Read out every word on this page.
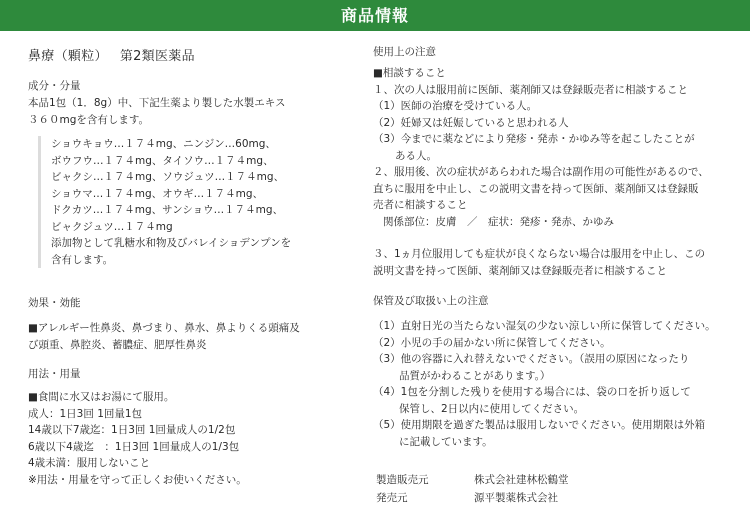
商品情報
鼻療（顆粒） 第2類医薬品
成分・分量
本品1包（1．8g）中、下記生薬より製した水製エキス
３６０mgを含有します。
ショウキョウ…１７４mg、ニンジン…60mg、
ボウフウ…１７４mg、タイソウ…１７４mg、
ビャクシ…１７４mg、ソウジュツ…１７４mg、
ショウマ…１７４mg、オウギ…１７４mg、
ドクカツ…１７４mg、サンショウ…１７４mg、
ビャクジュツ…１７４mg
添加物として乳糖水和物及びバレイショデンプンを
含有します。
効果・効能
■アレルギー性鼻炎、鼻づまり、鼻水、鼻よりくる頭痛及
び頭重、鼻腔炎、蓄膿症、肥厚性鼻炎
用法・用量
■食間に水又はお湯にて服用。
成人：1日3回 1回量1包
14歳以下7歳迄：1日3回 1回量成人の1/2包
6歳以下4歳迄　：1日3回 1回量成人の1/3包
4歳未満：服用しないこと
※用法・用量を守って正しくお使いください。
使用上の注意
■相談すること
１、次の人は服用前に医師、薬剤師又は登録販売者に相談すること
（1）医師の治療を受けている人。
（2）妊婦又は妊娠していると思われる人
（3）今までに薬などにより発疹・発赤・かゆみ等を起こしたことが
ある人。
２、服用後、次の症状があらわれた場合は副作用の可能性があるので、
直ちに服用を中止し、この説明文書を持って医師、薬剤師又は登録販
売者に相談すること
関係部位：皮膚　／　症状：発疹・発赤、かゆみ
３、1ヵ月位服用しても症状が良くならない場合は服用を中止し、この
説明文書を持って医師、薬剤師又は登録販売者に相談すること
保管及び取扱い上の注意
（1）直射日光の当たらない湿気の少ない涼しい所に保管してください。
（2）小児の手の届かない所に保管してください。
（3）他の容器に入れ替えないでください。（誤用の原因になったり
品質がかわることがあります。）
（4）1包を分割した残りを使用する場合には、袋の口を折り返して
保管し、2日以内に使用してください。
（5）使用期限を過ぎた製品は服用しないでください。使用期限は外箱
に記載しています。
製造販売元	株式会社建林松鶴堂
発売元	源平製薬株式会社
